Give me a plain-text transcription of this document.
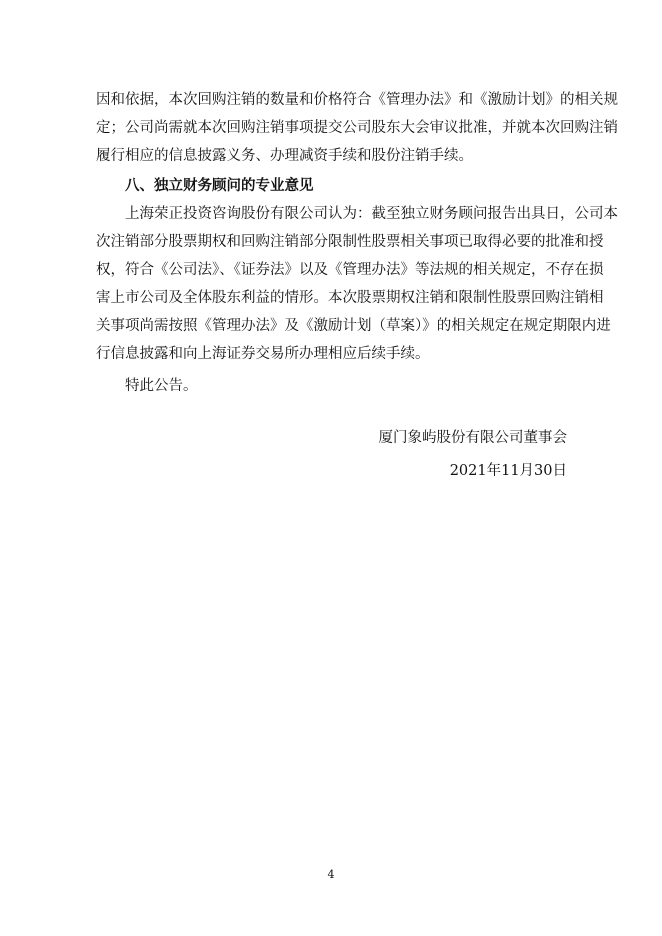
因和依据，本次回购注销的数量和价格符合《管理办法》和《激励计划》的相关规
定；公司尚需就本次回购注销事项提交公司股东大会审议批准，并就本次回购注销
履行相应的信息披露义务、办理减资手续和股份注销手续。
八、独立财务顾问的专业意见
上海荣正投资咨询股份有限公司认为：截至独立财务顾问报告出具日，公司本
次注销部分股票期权和回购注销部分限制性股票相关事项已取得必要的批准和授
权，符合《公司法》、《证券法》以及《管理办法》等法规的相关规定，不存在损
害上市公司及全体股东利益的情形。本次股票期权注销和限制性股票回购注销相
关事项尚需按照《管理办法》及《激励计划（草案）》的相关规定在规定期限内进
行信息披露和向上海证券交易所办理相应后续手续。
特此公告。
厦门象屿股份有限公司董事会
2021年11月30日
4
